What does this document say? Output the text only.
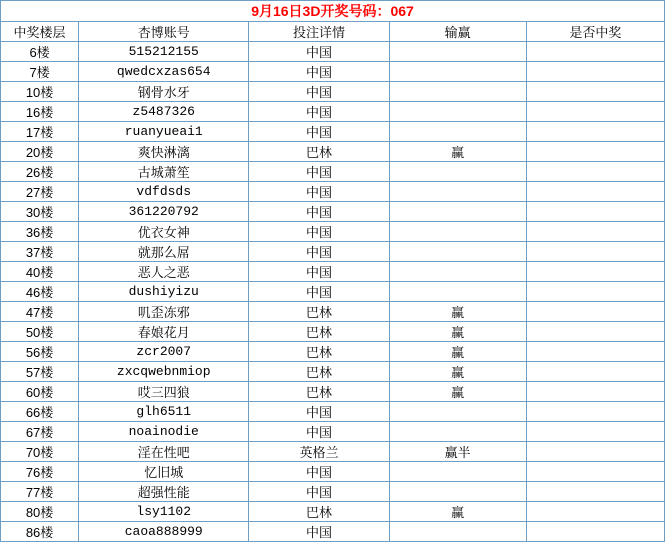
9月16日3D开奖号码：067				
中奖楼层	杏博账号	投注详情	输赢	是否中奖
6楼	515212155	中国		
7楼	qwedcxzas654	中国		
10楼	钢骨水牙	中国		
16楼	z5487326	中国		
17楼	ruanyueai1	中国		
20楼	爽快淋漓	巴林	赢	
26楼	古城萧笙	中国		
27楼	vdfdsds	中国		
30楼	361220792	中国		
36楼	优衣女神	中国		
37楼	就那么屌	中国		
40楼	恶人之恶	中国		
46楼	dushiyizu	中国		
47楼	叽歪冻邪	巴林	赢	
50楼	春娘花月	巴林	赢	
56楼	zcr2007	巴林	赢	
57楼	zxcqwebnmiop	巴林	赢	
60楼	哎三四狼	巴林	赢	
66楼	glh6511	中国		
67楼	noainodie	中国		
70楼	淫在性吧	英格兰	赢半	
76楼	忆旧城	中国		
77楼	超强性能	中国		
80楼	lsy1102	巴林	赢	
86楼	caoa888999	中国		
